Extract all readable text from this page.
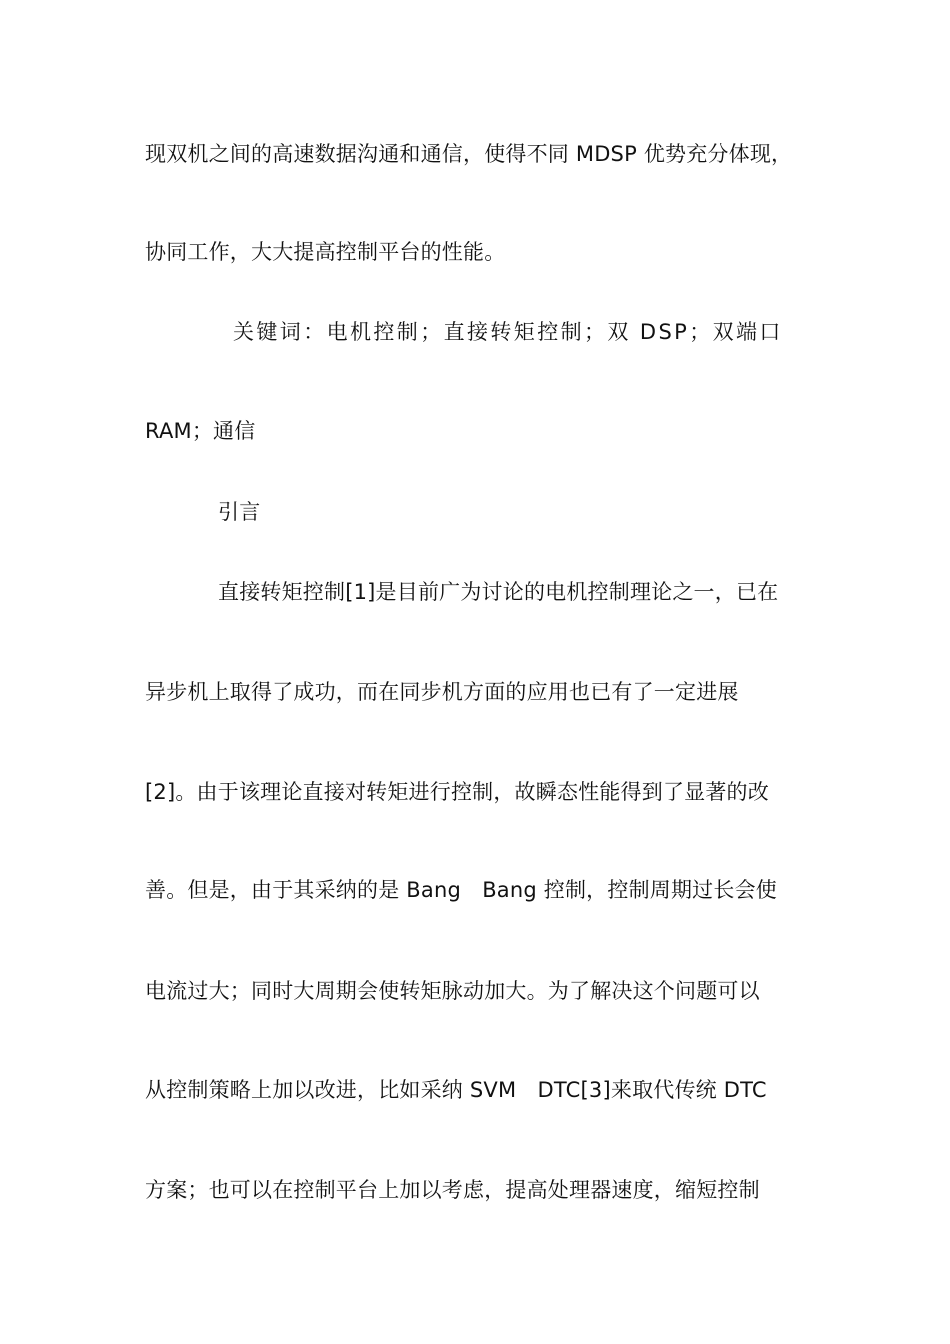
现双机之间的高速数据沟通和通信，使得不同 MDSP 优势充分体现，
协同工作，大大提高控制平台的性能。
关键词：电机控制；直接转矩控制；双 DSP；双端口
RAM；通信
引言
直接转矩控制[1]是目前广为讨论的电机控制理论之一，已在
异步机上取得了成功，而在同步机方面的应用也已有了一定进展
[2]。由于该理论直接对转矩进行控制，故瞬态性能得到了显著的改
善。但是，由于其采纳的是 Bang　Bang 控制，控制周期过长会使
电流过大；同时大周期会使转矩脉动加大。为了解决这个问题可以
从控制策略上加以改进，比如采纳 SVM　DTC[3]来取代传统 DTC
方案；也可以在控制平台上加以考虑，提高处理器速度，缩短控制
